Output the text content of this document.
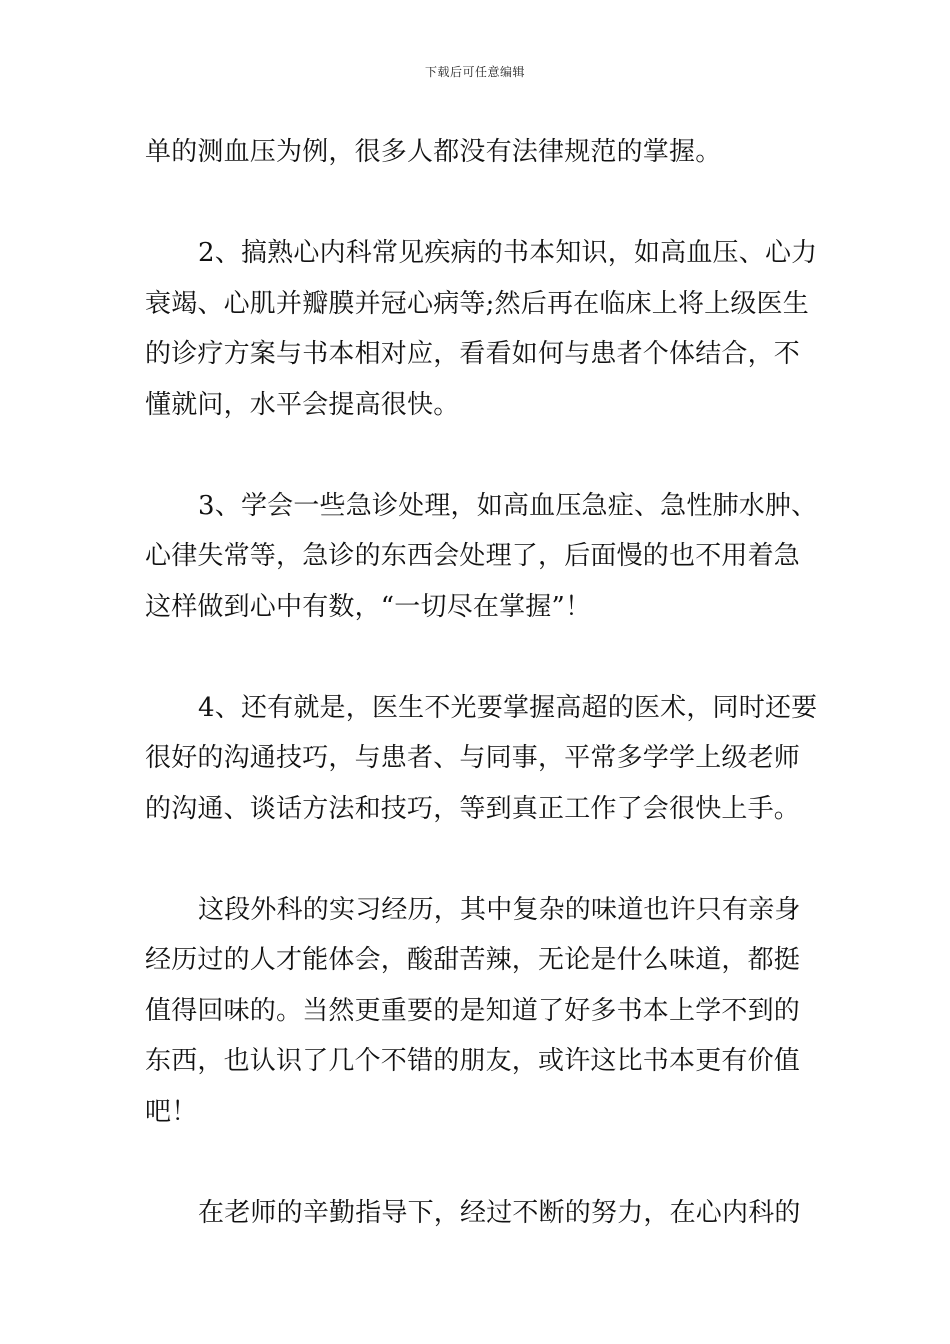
下载后可任意编辑
单的测血压为例，很多人都没有法律规范的掌握。
2、搞熟心内科常见疾病的书本知识，如高血压、心力
衰竭、心肌并瓣膜并冠心病等;然后再在临床上将上级医生
的诊疗方案与书本相对应，看看如何与患者个体结合，不
懂就问，水平会提高很快。
3、学会一些急诊处理，如高血压急症、急性肺水肿、
心律失常等，急诊的东西会处理了，后面慢的也不用着急
这样做到心中有数，“一切尽在掌握”！
4、还有就是，医生不光要掌握高超的医术，同时还要
很好的沟通技巧，与患者、与同事，平常多学学上级老师
的沟通、谈话方法和技巧，等到真正工作了会很快上手。
这段外科的实习经历，其中复杂的味道也许只有亲身
经历过的人才能体会，酸甜苦辣，无论是什么味道，都挺
值得回味的。当然更重要的是知道了好多书本上学不到的
东西，也认识了几个不错的朋友，或许这比书本更有价值
吧！
在老师的辛勤指导下，经过不断的努力，在心内科的
